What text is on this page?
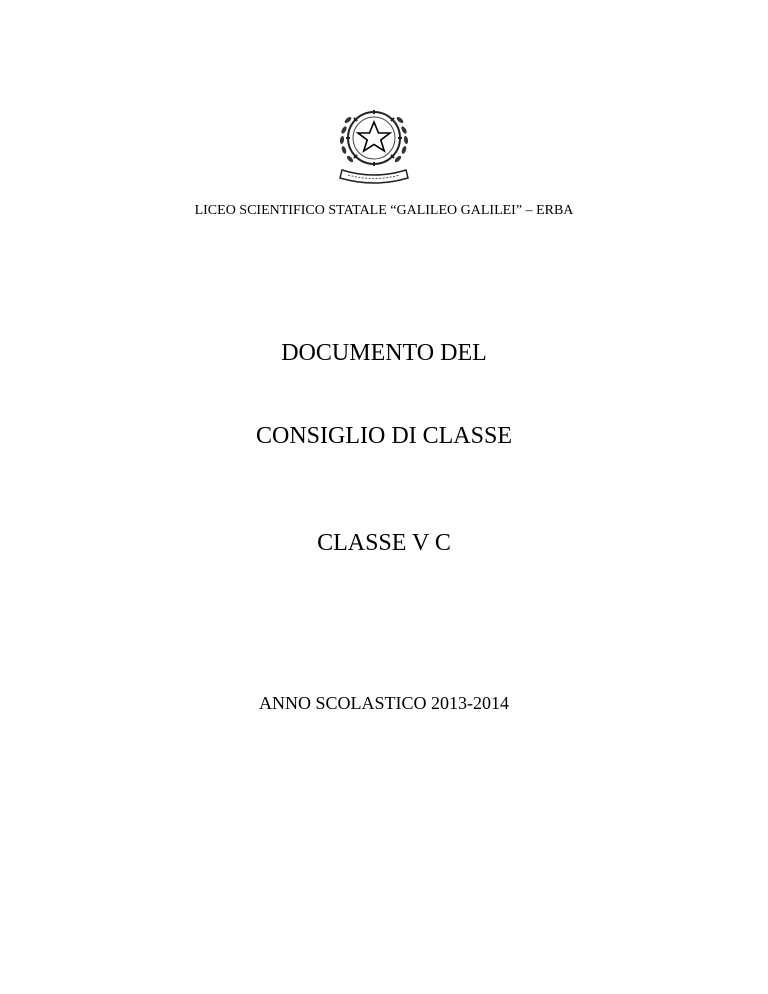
LICEO SCIENTIFICO STATALE “GALILEO GALILEI” – ERBA
DOCUMENTO DEL
CONSIGLIO DI CLASSE
CLASSE V C
ANNO SCOLASTICO 2013-2014
